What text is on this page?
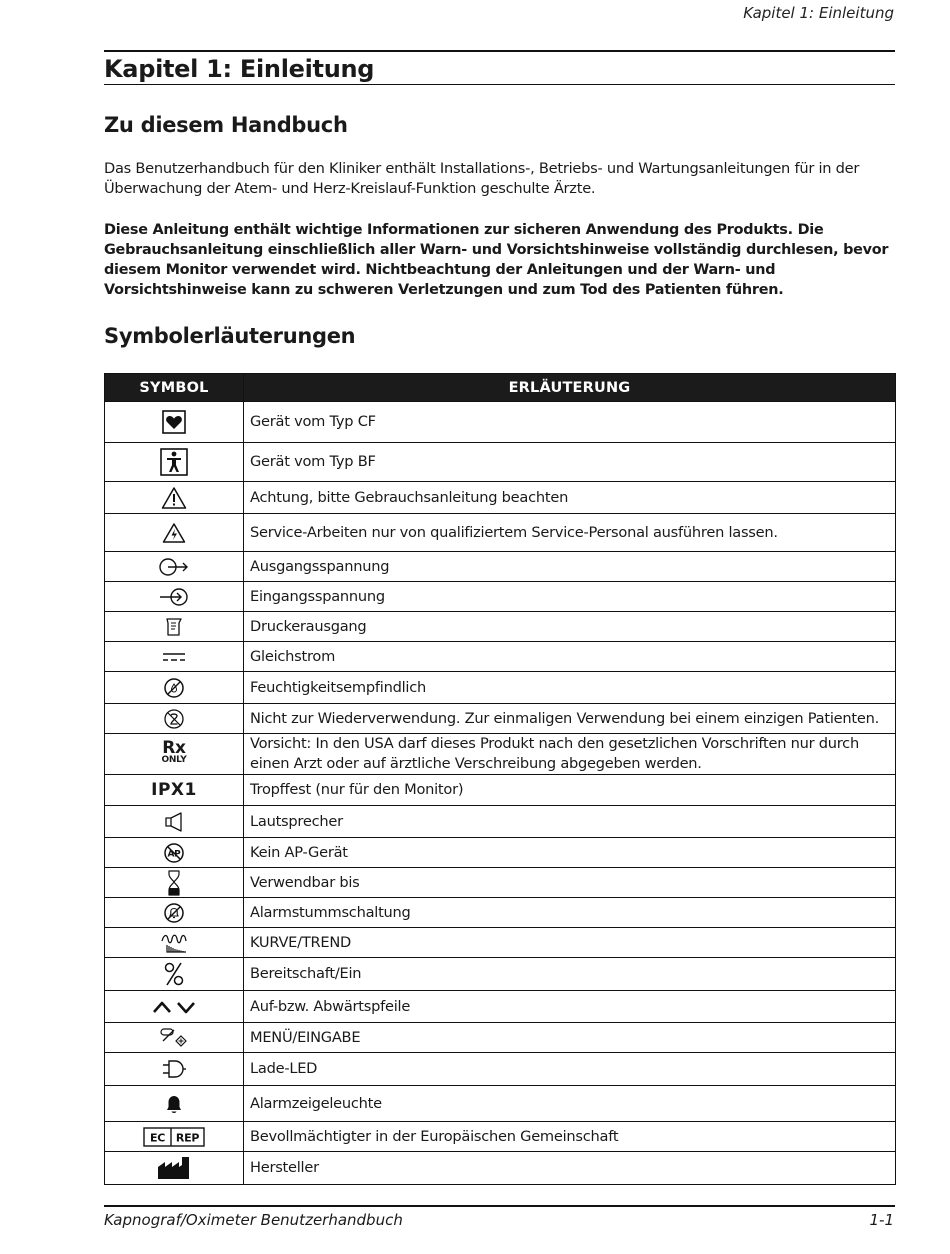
Kapitel 1: Einleitung
Kapitel 1: Einleitung
Zu diesem Handbuch

Das Benutzerhandbuch für den Kliniker enthält Installations-, Betriebs- und Wartungsanleitungen für in der Überwachung der Atem- und Herz-Kreislauf-Funktion geschulte Ärzte.

Diese Anleitung enthält wichtige Informationen zur sicheren Anwendung des Produkts. Die Gebrauchsanleitung einschließlich aller Warn- und Vorsichtshinweise vollständig durchlesen, bevor diesem Monitor verwendet wird. Nichtbeachtung der Anleitungen und der Warn- und Vorsichtshinweise kann zu schweren Verletzungen und zum Tod des Patienten führen.

Symbolerläuterungen
SYMBOL	ERLÄUTERUNG
	Gerät vom Typ CF
	Gerät vom Typ BF
	Achtung, bitte Gebrauchsanleitung beachten
	Service-Arbeiten nur von qualifiziertem Service-Personal ausführen lassen.
	Ausgangsspannung
	Eingangsspannung
	Druckerausgang
	Gleichstrom
	Feuchtigkeitsempfindlich
	Nicht zur Wiederverwendung. Zur einmaligen Verwendung bei einem einzigen Patienten.

Rx
ONLY	Vorsicht: In den USA darf dieses Produkt nach den gesetzlichen Vorschriften nur durch einen Arzt oder auf ärztliche Verschreibung abgegeben werden.
IPX1	Tropffest (nur für den Monitor)
	Lautsprecher

AP	Kein AP-Gerät
	Verwendbar bis
	Alarmstummschaltung
	KURVE/TREND
	Bereitschaft/Ein
	Auf-bzw. Abwärtspfeile
	MENÜ/EINGABE
	Lade-LED
	Alarmzeigeleuchte

EC REP	Bevollmächtigter in der Europäischen Gemeinschaft
	Hersteller
Kapnograf/Oximeter Benutzerhandbuch	1-1
